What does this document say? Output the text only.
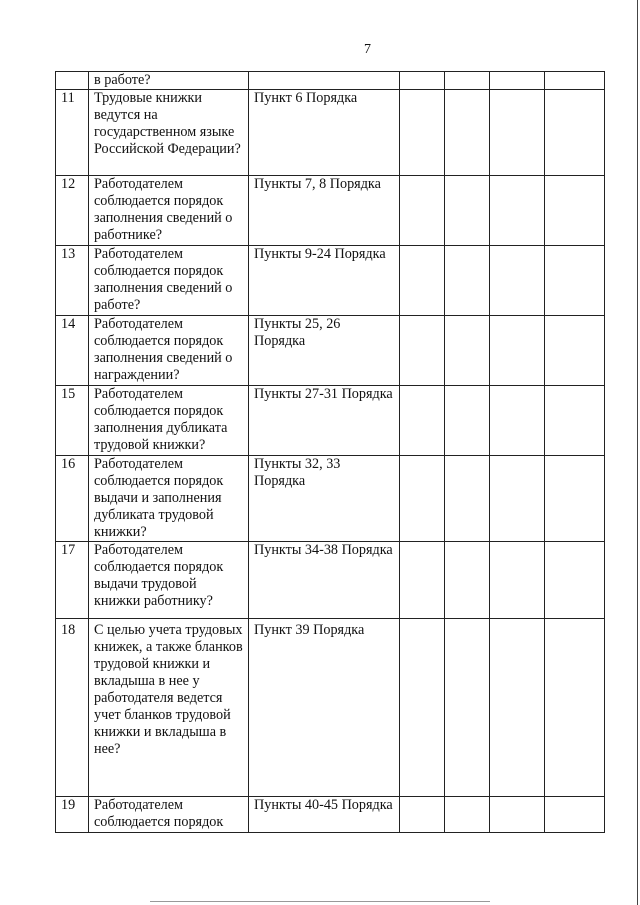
7
	в работе?					
11	Трудовые книжки ведутся на государственном языке Российской Федерации?	Пункт 6 Порядка				
12	Работодателем соблюдается порядок заполнения сведений о работнике?	Пункты 7, 8 Порядка				
13	Работодателем соблюдается порядок заполнения сведений о работе?	Пункты 9-24 Порядка				
14	Работодателем соблюдается порядок заполнения сведений о награждении?	Пункты 25, 26 Порядка				
15	Работодателем соблюдается порядок заполнения дубликата трудовой книжки?	Пункты 27-31 Порядка				
16	Работодателем соблюдается порядок выдачи и заполнения дубликата трудовой книжки?	Пункты 32, 33 Порядка				
17	Работодателем соблюдается порядок выдачи трудовой книжки работнику?	Пункты 34-38 Порядка				
18	С целью учета трудовых книжек, а также бланков трудовой книжки и вкладыша в нее у работодателя ведется учет бланков трудовой книжки и вкладыша в нее?	Пункт 39 Порядка				
19	Работодателем соблюдается порядок	Пункты 40-45 Порядка				
